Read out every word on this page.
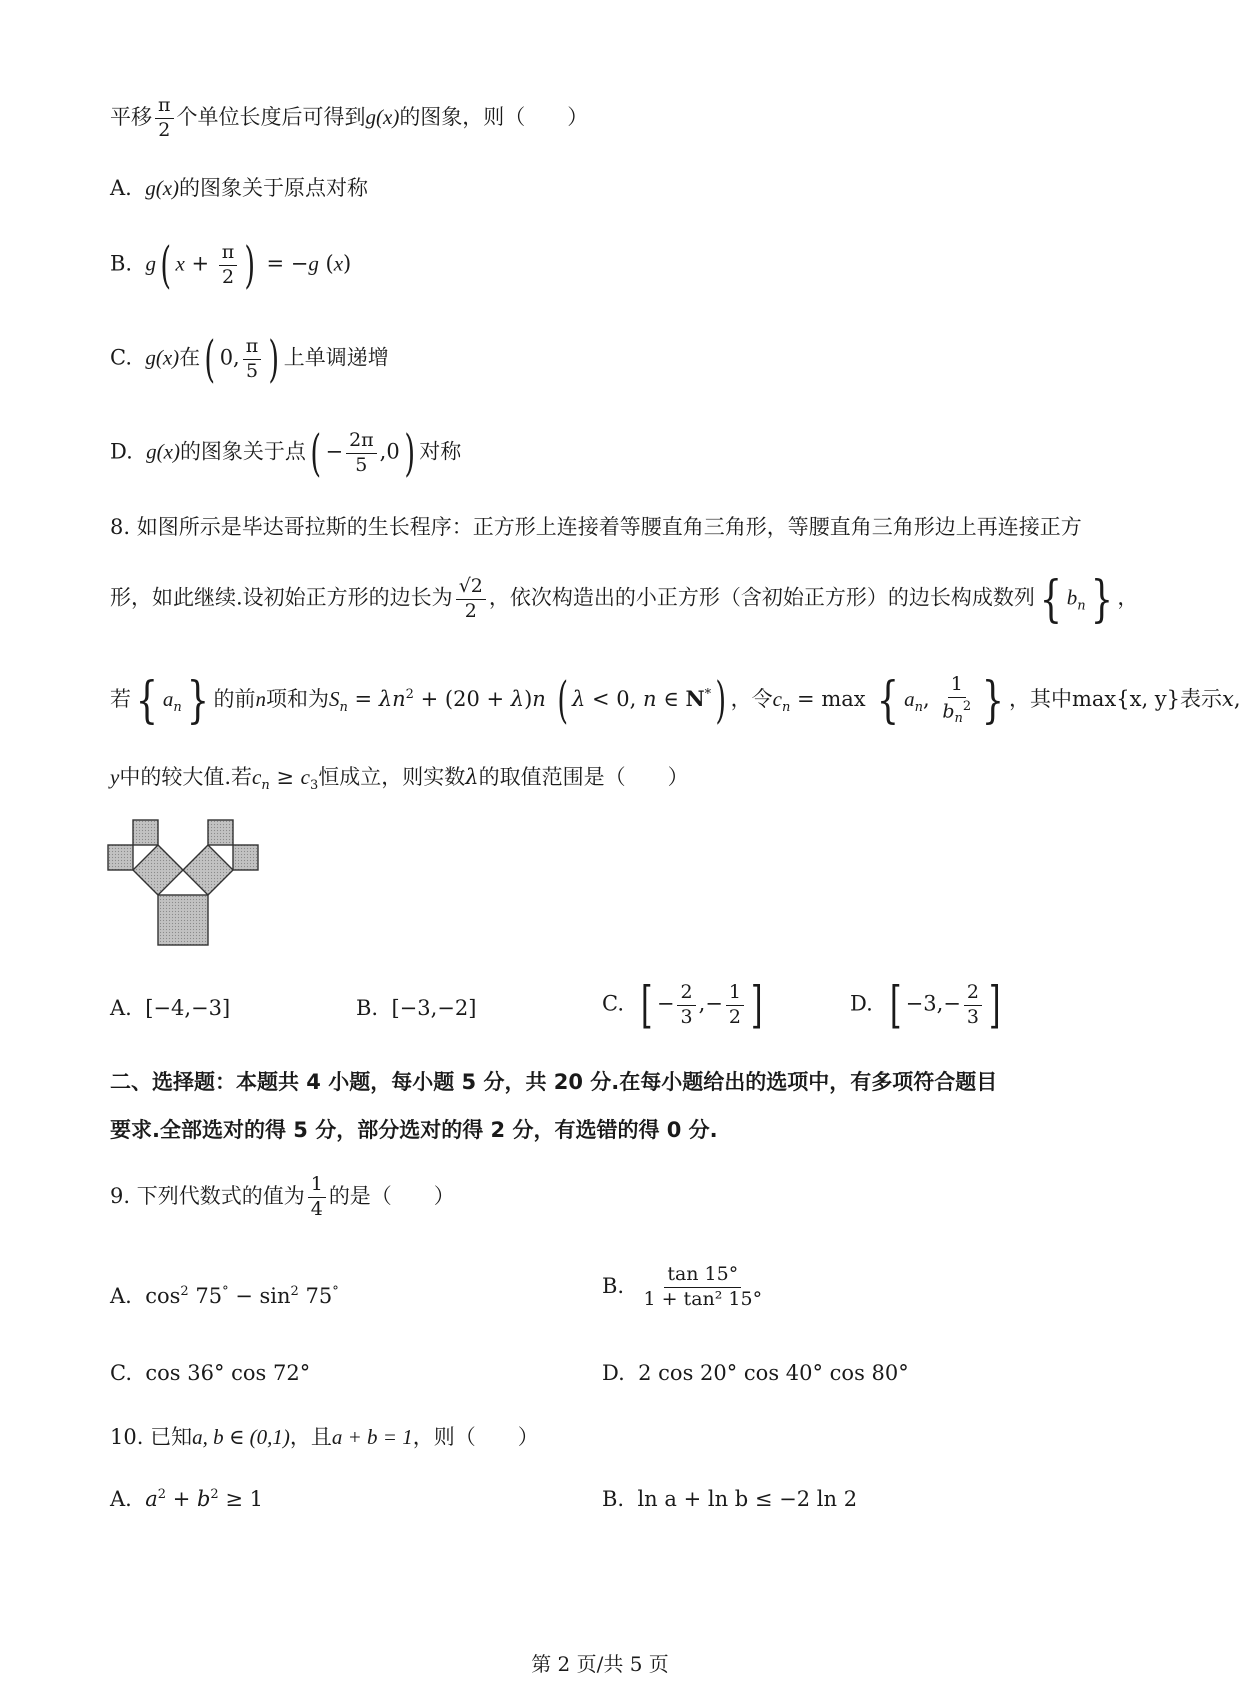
平移 $\frac{\pi}{2}$ 个单位长度后可得到g(x)的图象，则（　　）
A. g(x)的图象关于原点对称
B. g( $x + \frac{\pi}{2}$ ) = −g (x)
C. g(x)在( 0, $\frac{\pi}{5}$ ) 上单调递增
D. g(x)的图象关于点( − $\frac{2\pi}{5} ,0$) 对称
8. 如图所示是毕达哥拉斯的生长程序：正方形上连接着等腰直角三角形，等腰直角三角形边上再连接正方
形，如此继续.设初始正方形的边长为 $\frac{√2}{2}$ ，依次构造出的小正方形（含初始正方形）的边长构成数列{ $b_n$} ，
若{ $a_n$} 的前n项和为$S_n = \lambda n^2 + (20 + \lambda)n$ ( λ < 0, n ∈ N*) ，令$c_n = \max$ { $a_n$, $\frac{1}{b_n^2}$ } ，其中max{x, y}表示x,
y中的较大值.若$c_n \ge c_3$恒成立，则实数λ的取值范围是（　　）
A. [−4,−3]	B. [−3,−2]	C. [ − $\frac{2}{3}$ ,− $\frac{1}{2}$ ]	D. [ $-3,- \frac{2}{3}$ ]
二、选择题：本题共 4 小题，每小题 5 分，共 20 分.在每小题给出的选项中，有多项符合题目
要求.全部选对的得 5 分，部分选对的得 2 分，有选错的得 0 分.
9. 下列代数式的值为 $\frac{1}{4}$ 的是（　　）
A.  $\cos^2 75^\circ - \sin^2 75^\circ$	B. $\frac{\tan 15^\circ}{\text{1 + tan² 15°}}$
C. cos 36° cos 72°	D. 2 cos 20° cos 40° cos 80°
10. 已知a, b ∈ (0,1)，且a + b = 1，则（　　）
A. $a^2 + b^2 \ge 1$	B. ln a + ln b ≤ −2 ln 2
第 2 页/共 5 页
